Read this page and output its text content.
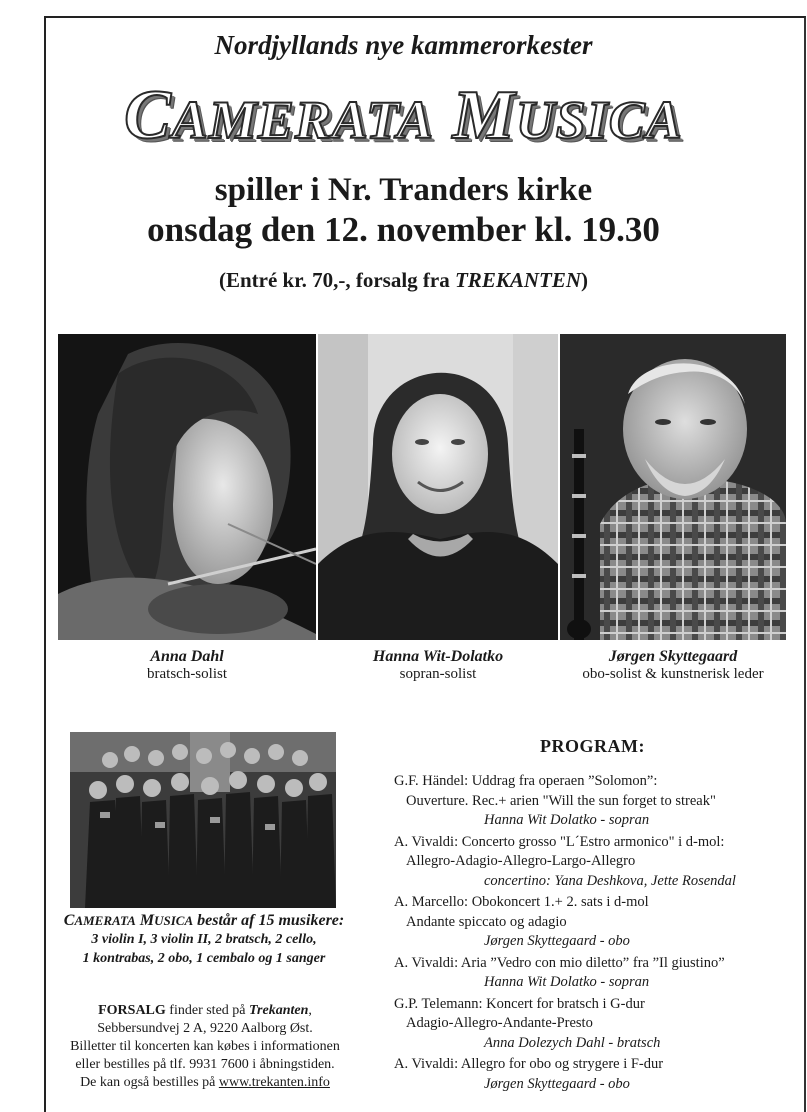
Nordjyllands nye kammerorkester
CAMERATA MUSICA
spiller i Nr. Tranders kirke
onsdag den 12. november kl. 19.30
(Entré kr. 70,-, forsalg fra TREKANTEN)
Anna Dahl
bratsch-solist
Hanna Wit-Dolatko
sopran-solist
Jørgen Skyttegaard
obo-solist & kunstnerisk leder
CAMERATA MUSICA består af 15 musikere:
3 violin I, 3 violin II, 2 bratsch, 2 cello,
1 kontrabas, 2 obo, 1 cembalo og 1 sanger
FORSALG finder sted på Trekanten,
Sebbersundvej 2 A, 9220 Aalborg Øst.
Billetter til koncerten kan købes i informationen
eller bestilles på tlf. 9931 7600 i åbningstiden.
De kan også bestilles på www.trekanten.info
PROGRAM:
G.F. Händel: Uddrag fra operaen ”Solomon”:
Ouverture. Rec.+ arien "Will the sun forget to streak"
Hanna Wit Dolatko - sopran
A. Vivaldi: Concerto grosso "L´Estro armonico" i d-mol:
Allegro-Adagio-Allegro-Largo-Allegro
concertino: Yana Deshkova, Jette Rosendal
A. Marcello: Obokoncert 1.+ 2. sats i d-mol
Andante spiccato og adagio
Jørgen Skyttegaard - obo
A. Vivaldi: Aria ”Vedro con mio diletto” fra ”Il giustino”
Hanna Wit Dolatko - sopran
G.P. Telemann: Koncert for bratsch i G-dur
Adagio-Allegro-Andante-Presto
Anna Dolezych Dahl - bratsch
A. Vivaldi: Allegro for obo og strygere i F-dur
Jørgen Skyttegaard - obo
